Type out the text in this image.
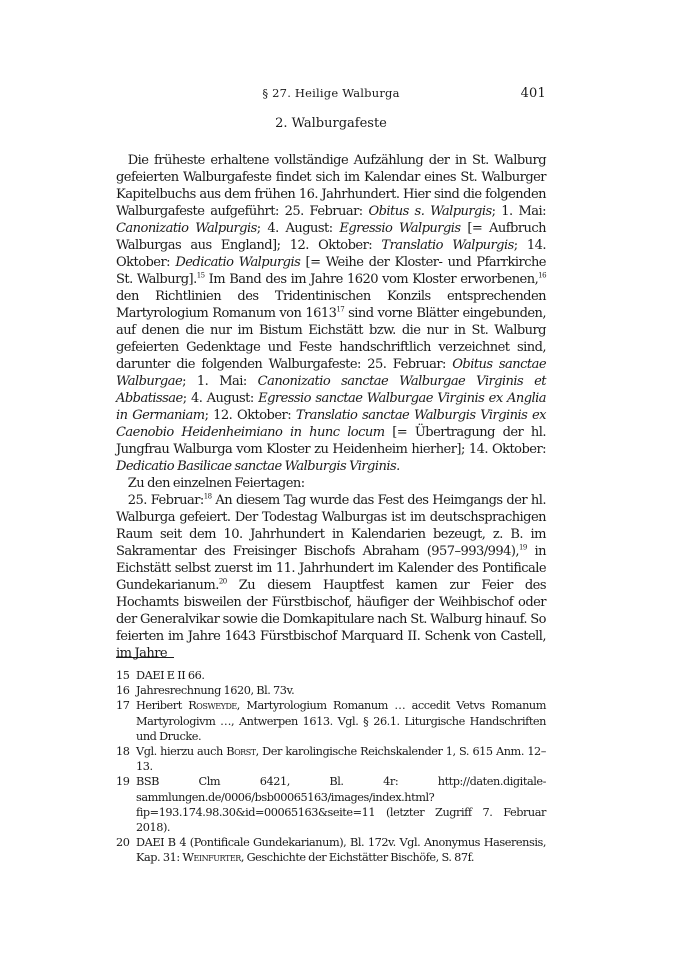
§ 27. Heilige Walburga	401
2. Walburgafeste

Die früheste erhaltene vollständige Aufzählung der in St. Walburg gefeierten Walburgafeste findet sich im Kalendar eines St. Walburger Kapitelbuchs aus dem frühen 16. Jahrhundert. Hier sind die folgenden Walburgafeste aufgeführt: 25. Februar: Obitus s. Walpurgis; 1. Mai: Canonizatio Walpurgis; 4. August: Egressio Walpurgis [= Aufbruch Walburgas aus England]; 12. Oktober: Translatio Walpurgis; 14. Oktober: Dedicatio Walpurgis [= Weihe der Kloster- und Pfarrkirche St. Walburg].$^{15}$ Im Band des im Jahre 1620 vom Kloster erworbenen,$^{16}$ den Richtlinien des Tridentinischen Konzils entsprechenden Martyrologium Romanum von 1613$^{17}$ sind vorne Blätter eingebunden, auf denen die nur im Bistum Eichstätt bzw. die nur in St. Walburg gefeierten Gedenktage und Feste handschriftlich verzeichnet sind, darunter die folgenden Walburgafeste: 25. Februar: Obitus sanctae Walburgae; 1. Mai: Canonizatio sanctae Walburgae Virginis et Abbatissae; 4. August: Egressio sanctae Walburgae Virginis ex Anglia in Germaniam; 12. Oktober: Translatio sanctae Walburgis Virginis ex Caenobio Heidenheimiano in hunc locum [= Übertragung der hl. Jungfrau Walburga vom Kloster zu Heidenheim hierher]; 14. Oktober: Dedicatio Basilicae sanctae Walburgis Virginis.

Zu den einzelnen Feiertagen:

25. Februar:$^{18}$ An diesem Tag wurde das Fest des Heimgangs der hl. Walburga gefeiert. Der Todestag Walburgas ist im deutschsprachigen Raum seit dem 10. Jahrhundert in Kalendarien bezeugt, z. B. im Sakramentar des Freisinger Bischofs Abraham (957–993/994),$^{19}$ in Eichstätt selbst zuerst im 11. Jahrhundert im Kalender des Pontificale Gundekarianum.$^{20}$ Zu diesem Hauptfest kamen zur Feier des Hochamts bisweilen der Fürstbischof, häufiger der Weihbischof oder der Generalvikar sowie die Domkapitulare nach St. Walburg hinauf. So feierten im Jahre 1643 Fürstbischof Marquard II. Schenk von Castell, im Jahre

15 DAEI E II 66.
16 Jahresrechnung 1620, Bl. 73v.
17 Heribert Rosweyde, Martyrologium Romanum … accedit Vetvs Romanum Martyrologivm …, Antwerpen 1613. Vgl. § 26.1. Liturgische Handschriften und Drucke.
18 Vgl. hierzu auch Borst, Der karolingische Reichskalender 1, S. 615 Anm. 12–13.
19 BSB Clm 6421, Bl. 4r: http://daten.digitale-sammlungen.de/0006/bsb00065163/images/index.html?fip=193.174.98.30&id=00065163&seite=11 (letzter Zugriff 7. Februar 2018).
20 DAEI B 4 (Pontificale Gundekarianum), Bl. 172v. Vgl. Anonymus Haserensis, Kap. 31: Weinfurter, Geschichte der Eichstätter Bischöfe, S. 87f.
